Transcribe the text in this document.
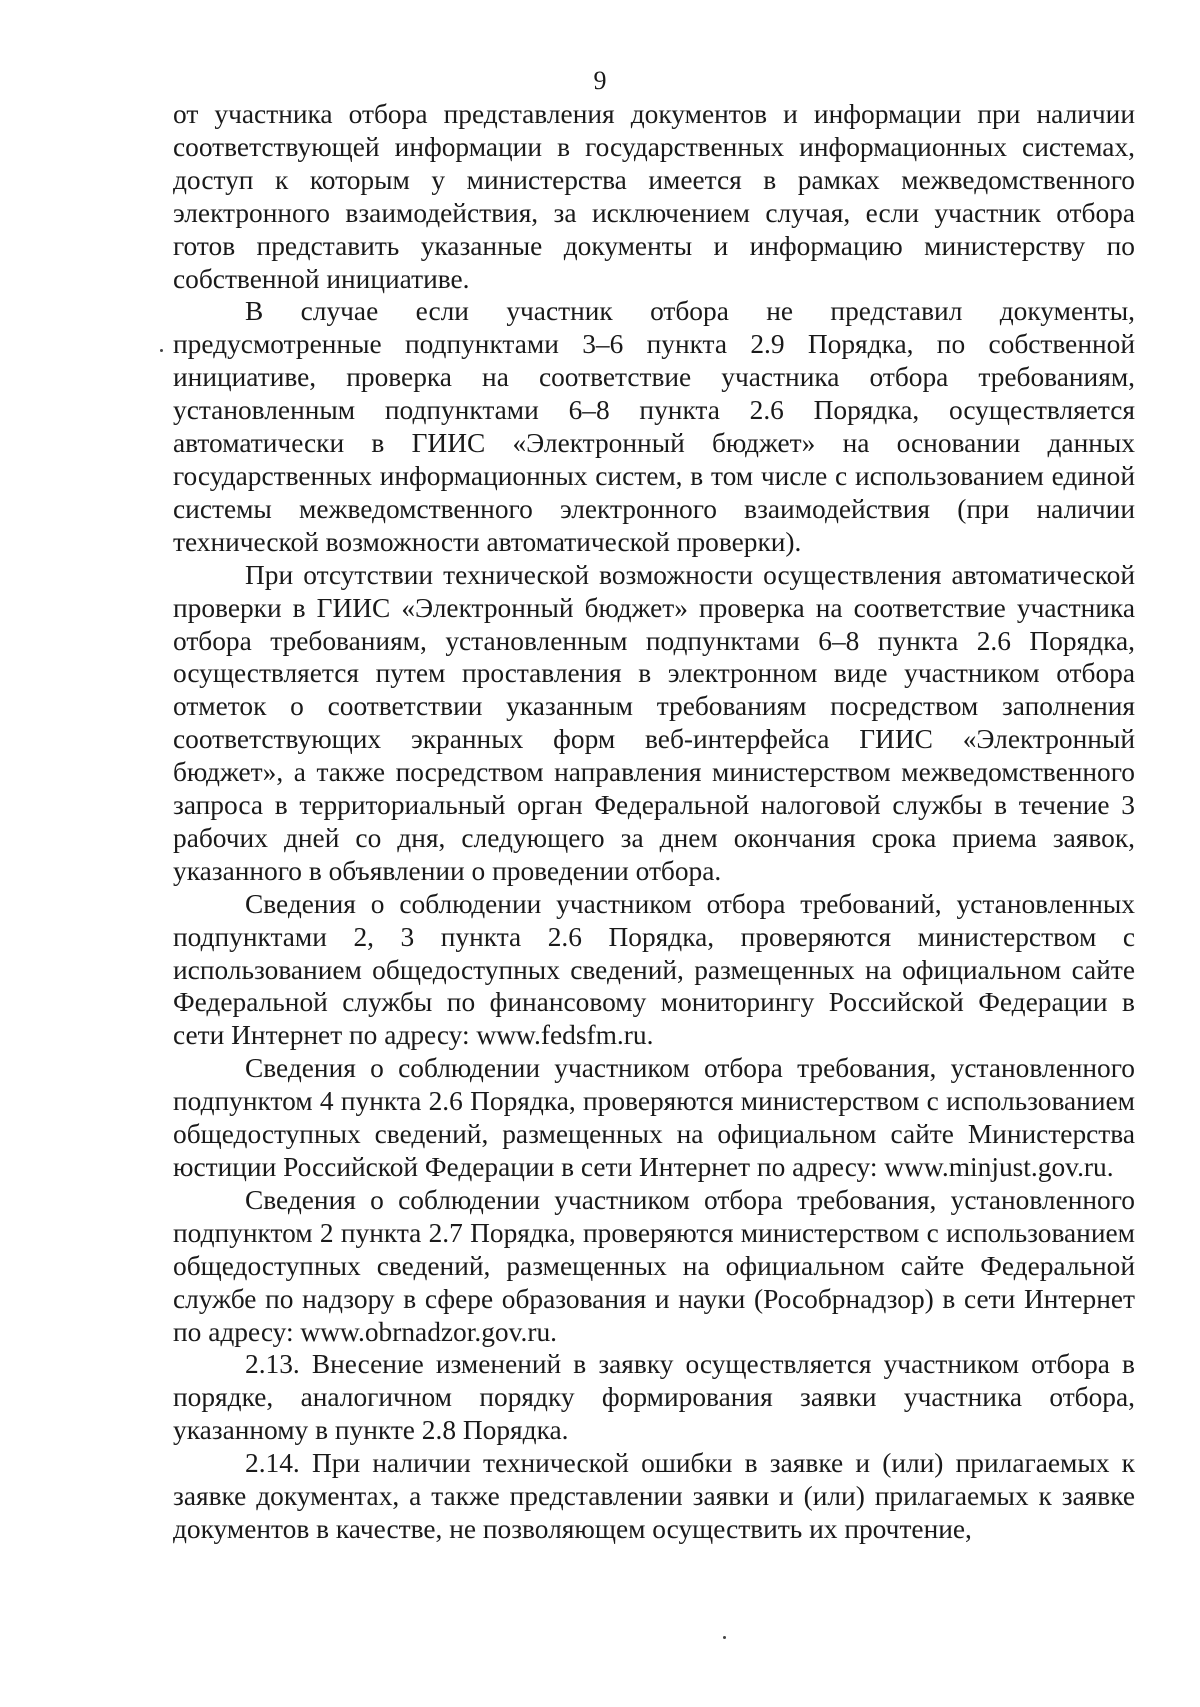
9

от участника отбора представления документов и информации при наличии соответствующей информации в государственных информационных системах, доступ к которым у министерства имеется в рамках межведомственного электронного взаимодействия, за исключением случая, если участник отбора готов представить указанные документы и информацию министерству по собственной инициативе.

В случае если участник отбора не представил документы, предусмотренные подпунктами 3–6 пункта 2.9 Порядка, по собственной инициативе, проверка на соответствие участника отбора требованиям, установленным подпунктами 6–8 пункта 2.6 Порядка, осуществляется автоматически в ГИИС «Электронный бюджет» на основании данных государственных информационных систем, в том числе с использованием единой системы межведомственного электронного взаимодействия (при наличии технической возможности автоматической проверки).

При отсутствии технической возможности осуществления автоматической проверки в ГИИС «Электронный бюджет» проверка на соответствие участника отбора требованиям, установленным подпунктами 6–8 пункта 2.6 Порядка, осуществляется путем проставления в электронном виде участником отбора отметок о соответствии указанным требованиям посредством заполнения соответствующих экранных форм веб-интерфейса ГИИС «Электронный бюджет», а также посредством направления министерством межведомственного запроса в территориальный орган Федеральной налоговой службы в течение 3 рабочих дней со дня, следующего за днем окончания срока приема заявок, указанного в объявлении о проведении отбора.

Сведения о соблюдении участником отбора требований, установленных подпунктами 2, 3 пункта 2.6 Порядка, проверяются министерством с использованием общедоступных сведений, размещенных на официальном сайте Федеральной службы по финансовому мониторингу Российской Федерации в сети Интернет по адресу: www.fedsfm.ru.

Сведения о соблюдении участником отбора требования, установленного подпунктом 4 пункта 2.6 Порядка, проверяются министерством с использованием общедоступных сведений, размещенных на официальном сайте Министерства юстиции Российской Федерации в сети Интернет по адресу: www.minjust.gov.ru.

Сведения о соблюдении участником отбора требования, установленного подпунктом 2 пункта 2.7 Порядка, проверяются министерством с использованием общедоступных сведений, размещенных на официальном сайте Федеральной службе по надзору в сфере образования и науки (Рособрнадзор) в сети Интернет по адресу: www.obrnadzor.gov.ru.

2.13. Внесение изменений в заявку осуществляется участником отбора в порядке, аналогичном порядку формирования заявки участника отбора, указанному в пункте 2.8 Порядка.

2.14. При наличии технической ошибки в заявке и (или) прилагаемых к заявке документах, а также представлении заявки и (или) прилагаемых к заявке документов в качестве, не позволяющем осуществить их прочтение,
